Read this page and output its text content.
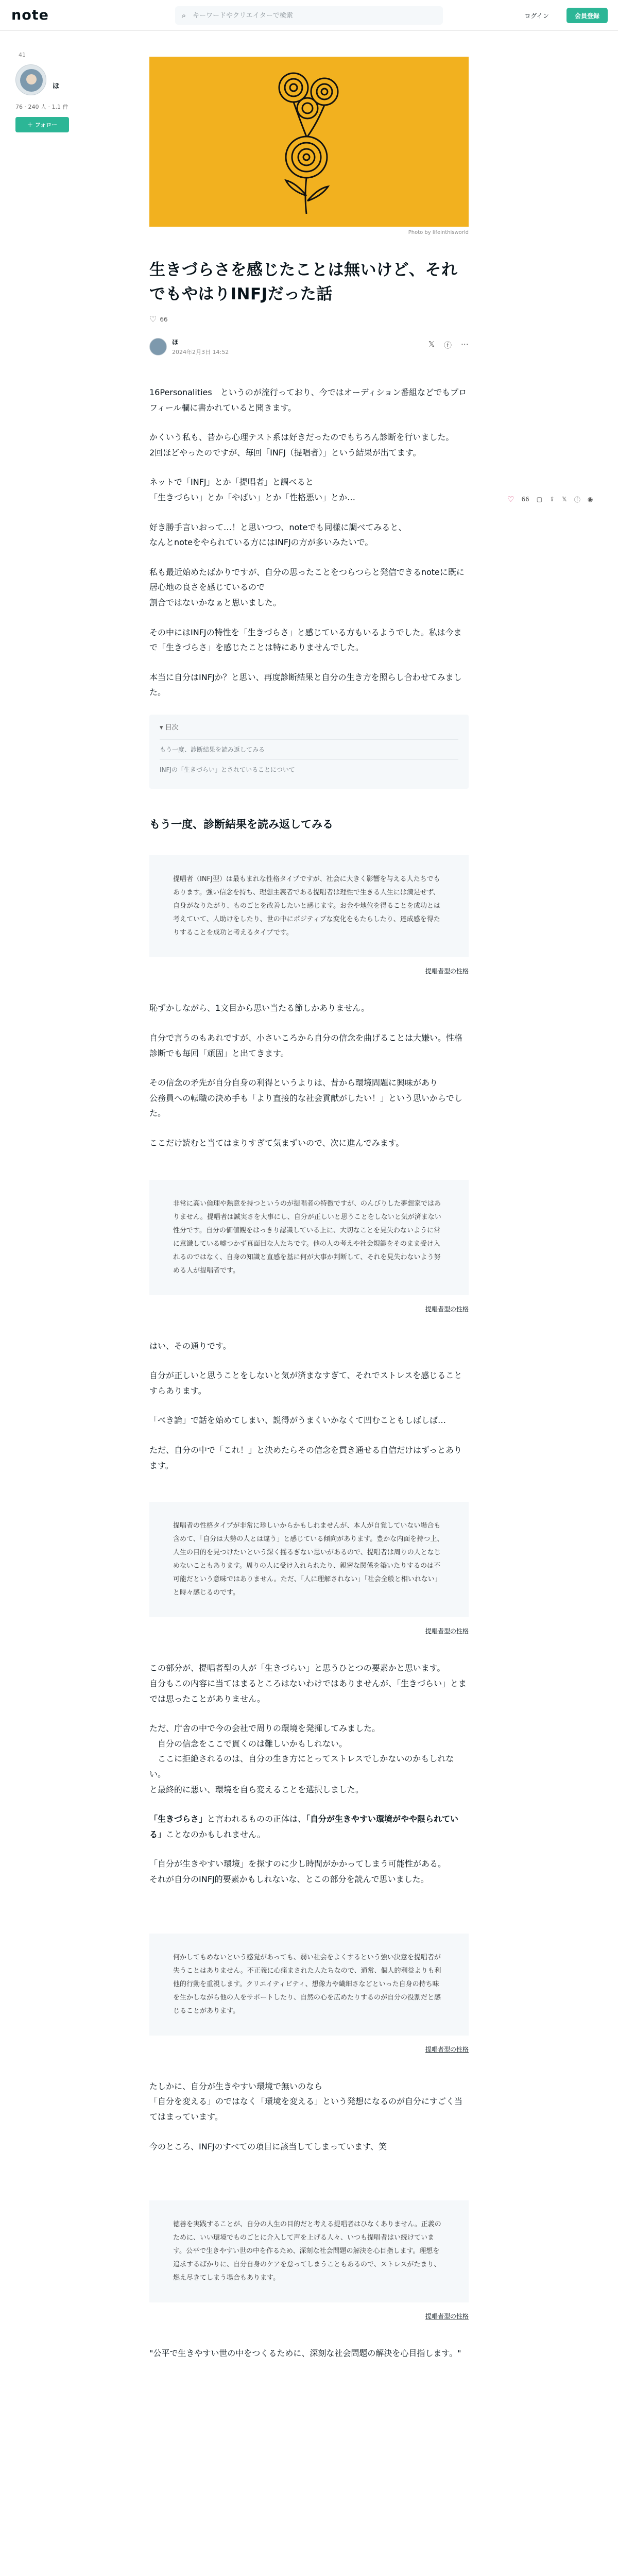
note	⌕
キーワードやクリエイターで検索	ログイン	会員登録
41
ほ
76 · 240 人 · 1,1 件
＋ フォロー
♡ 66 ▢ ⇪ 𝕏 ⓕ ◉
Photo by lifeinthisworld
生きづらさを感じたことは無いけど、それでもやはりINFJだった話
♡ 66
ほ
2024年2月3日 14:52
𝕏 ⓕ ⋯

16Personalities　というのが流行っており、今ではオーディション番組などでもプロフィール欄に書かれていると聞きます。

かくいう私も、昔から心理テスト系は好きだったのでもちろん診断を行いました。

2回ほどやったのですが、毎回「INFJ（提唱者）」という結果が出てます。

ネットで「INFJ」とか「提唱者」と調べると
「生きづらい」とか「やばい」とか「性格悪い」とか…

好き勝手言いおって…！と思いつつ、noteでも同様に調べてみると、
なんとnoteをやられている方にはINFJの方が多いみたいで。

私も最近始めたばかりですが、自分の思ったことをつらつらと発信できるnoteに既に居心地の良さを感じているので
割合ではないかなぁと思いました。

その中にはINFJの特性を「生きづらさ」と感じている方もいるようでした。私は今まで「生きづらさ」を感じたことは特にありませんでした。

本当に自分はINFJか？と思い、再度診断結果と自分の生き方を照らし合わせてみました。

▾ 目次
もう一度、診断結果を読み返してみる
INFJの「生きづらい」とされていることについて
もう一度、診断結果を読み返してみる
提唱者（INFJ型）は最もまれな性格タイプですが、社会に大きく影響を与える人たちでもあります。強い信念を持ち、理想主義者である提唱者は理性で生きる人生には満足せず、自身がなりたがり、ものごとを改善したいと感じます。お金や地位を得ることを成功とは考えていて、人助けをしたり、世の中にポジティブな変化をもたらしたり、達成感を得たりすることを成功と考えるタイプです。
提唱者型の性格

恥ずかしながら、1文目から思い当たる節しかありません。

自分で言うのもあれですが、小さいころから自分の信念を曲げることは大嫌い。性格診断でも毎回「頑固」と出てきます。

その信念の矛先が自分自身の利得というよりは、昔から環境問題に興味があり
公務員への転職の決め手も「より直接的な社会貢献がしたい！」という思いからでした。

ここだけ読むと当てはまりすぎて気まずいので、次に進んでみます。

非常に高い倫理や熱意を持つというのが提唱者の特徴ですが、のんびりした夢想家ではありません。提唱者は誠実さを大事にし、自分が正しいと思うことをしないと気が済まない性分です。自分の価値観をはっきり認識している上に、大切なことを見失わないように常に意識している嘘つかず真面目な人たちです。他の人の考えや社会規範をそのまま受け入れるのではなく、自身の知識と直感を基に何が大事か判断して、それを見失わないよう努める人が提唱者です。
提唱者型の性格

はい、その通りです。

自分が正しいと思うことをしないと気が済まなすぎて、それでストレスを感じることすらあります。

「べき論」で話を始めてしまい、説得がうまくいかなくて凹むこともしばしば…

ただ、自分の中で「これ！」と決めたらその信念を貫き通せる自信だけはずっとあります。

提唱者の性格タイプが非常に珍しいからかもしれませんが、本人が自覚していない場合も含めて、「自分は大勢の人とは違う」と感じている傾向があります。豊かな内面を持つ上、人生の目的を見つけたいという深く揺るぎない思いがあるので、提唱者は周りの人となじめないこともあります。周りの人に受け入れられたり、親密な関係を築いたりするのは不可能だという意味ではありません。ただ、「人に理解されない」「社会全般と相いれない」と時々感じるのです。
提唱者型の性格

この部分が、提唱者型の人が「生きづらい」と思うひとつの要素かと思います。
自分もこの内容に当てはまるところはないわけではありませんが、「生きづらい」とまでは思ったことがありません。

ただ、庁舎の中で今の会社で周りの環境を発揮してみました。
　自分の信念をここで貫くのは難しいかもしれない。
　ここに拒絶されるのは、自分の生き方にとってストレスでしかないのかもしれない。
と最終的に悪い、環境を自ら変えることを選択しました。

「生きづらさ」と言われるものの正体は、「自分が生きやすい環境がやや限られている」ことなのかもしれません。

「自分が生きやすい環境」を探すのに少し時間がかかってしまう可能性がある。
それが自分のINFJ的要素かもしれないな、とこの部分を読んで思いました。

何かしてもめないという感覚があっても、弱い社会をよくするという強い決意を提唱者が失うことはありません。不正義に心痛まされた人たちなので、通常、個人的利益よりも利他的行動を重視します。クリエイティビティ、想像力や繊細さなどといった自身の持ち味を生かしながら他の人をサポートしたり、自然の心を広めたりするのが自分の役割だと感じることがあります。
提唱者型の性格

たしかに、自分が生きやすい環境で無いのなら
「自分を変える」のではなく「環境を変える」という発想になるのが自分にすごく当てはまっています。

今のところ、INFJのすべての項目に該当してしまっています、笑

徳善を実践することが、自分の人生の目的だと考える提唱者はひなくありません。正義のために、いい環境でものごとに介入して声を上げる人々、いつも提唱者はい続けています。公平で生きやすい世の中を作るため、深刻な社会問題の解決を心目指します。理想を追求するばかりに、自分自身のケアを怠ってしまうこともあるので、ストレスがたまり、燃え尽きてしまう場合もあります。
提唱者型の性格

"公平で生きやすい世の中をつくるために、深刻な社会問題の解決を心目指します。"
